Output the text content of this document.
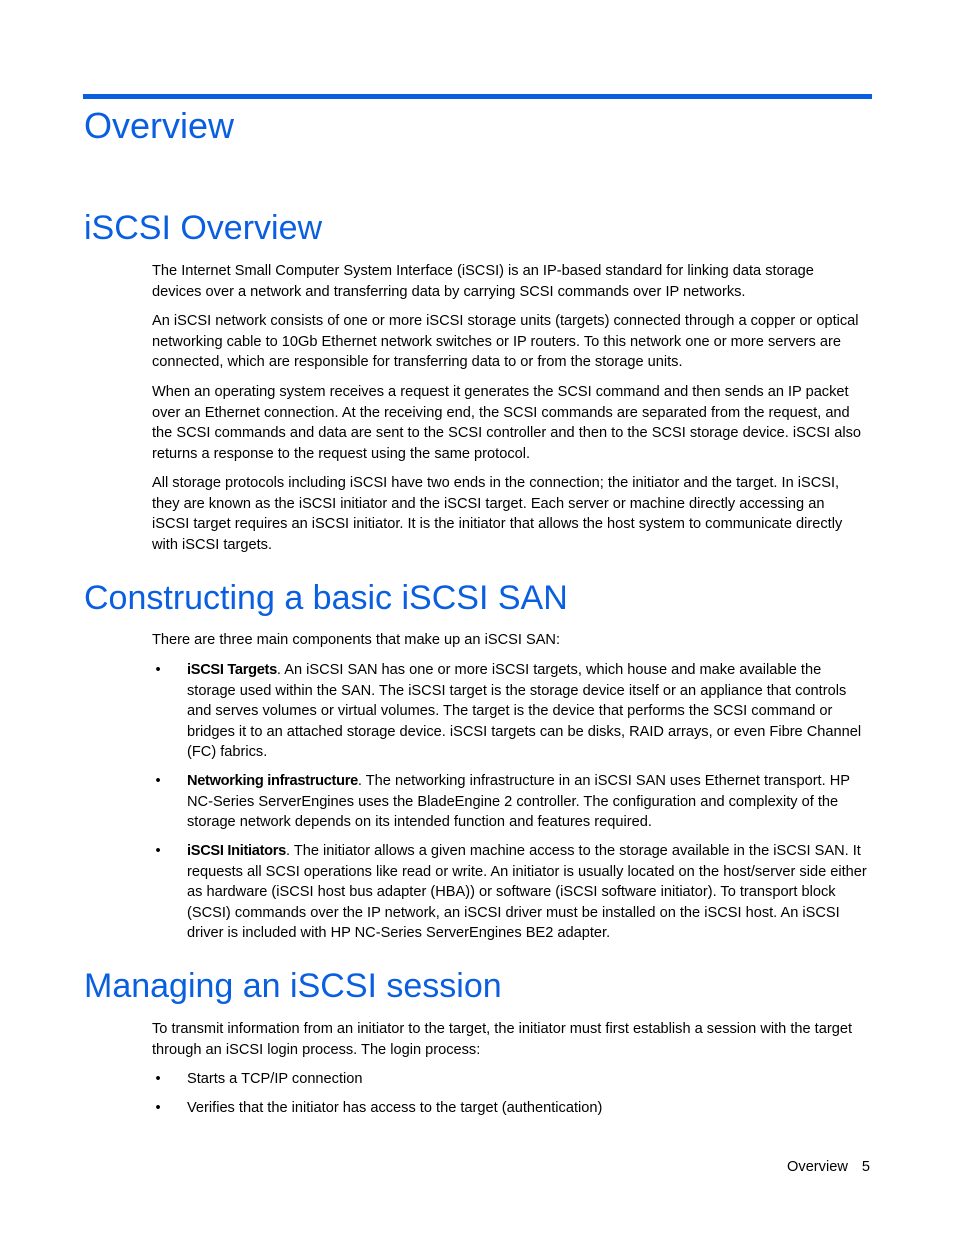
Overview
iSCSI Overview

The Internet Small Computer System Interface (iSCSI) is an IP-based standard for linking data storage devices over a network and transferring data by carrying SCSI commands over IP networks.

An iSCSI network consists of one or more iSCSI storage units (targets) connected through a copper or optical networking cable to 10Gb Ethernet network switches or IP routers. To this network one or more servers are connected, which are responsible for transferring data to or from the storage units.

When an operating system receives a request it generates the SCSI command and then sends an IP packet over an Ethernet connection. At the receiving end, the SCSI commands are separated from the request, and the SCSI commands and data are sent to the SCSI controller and then to the SCSI storage device. iSCSI also returns a response to the request using the same protocol.

All storage protocols including iSCSI have two ends in the connection; the initiator and the target. In iSCSI, they are known as the iSCSI initiator and the iSCSI target. Each server or machine directly accessing an iSCSI target requires an iSCSI initiator. It is the initiator that allows the host system to communicate directly with iSCSI targets.

Constructing a basic iSCSI SAN

There are three main components that make up an iSCSI SAN:

• iSCSI Targets. An iSCSI SAN has one or more iSCSI targets, which house and make available the storage used within the SAN. The iSCSI target is the storage device itself or an appliance that controls and serves volumes or virtual volumes. The target is the device that performs the SCSI command or bridges it to an attached storage device. iSCSI targets can be disks, RAID arrays, or even Fibre Channel (FC) fabrics.
• Networking infrastructure. The networking infrastructure in an iSCSI SAN uses Ethernet transport. HP NC-Series ServerEngines uses the BladeEngine 2 controller. The configuration and complexity of the storage network depends on its intended function and features required.
• iSCSI Initiators. The initiator allows a given machine access to the storage available in the iSCSI SAN. It requests all SCSI operations like read or write. An initiator is usually located on the host/server side either as hardware (iSCSI host bus adapter (HBA)) or software (iSCSI software initiator). To transport block (SCSI) commands over the IP network, an iSCSI driver must be installed on the iSCSI host. An iSCSI driver is included with HP NC-Series ServerEngines BE2 adapter.
Managing an iSCSI session

To transmit information from an initiator to the target, the initiator must first establish a session with the target through an iSCSI login process. The login process:

• Starts a TCP/IP connection
• Verifies that the initiator has access to the target (authentication)
Overview 5
